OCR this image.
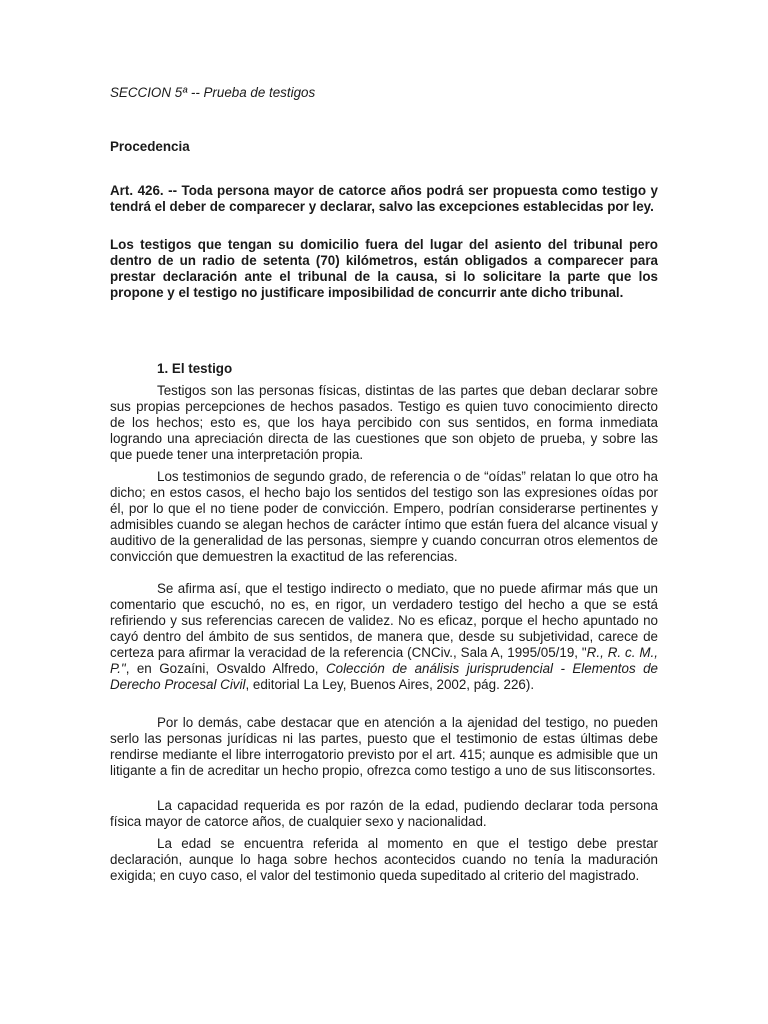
SECCION 5ª -- Prueba de testigos

Procedencia

Art. 426. -- Toda persona mayor de catorce años podrá ser propuesta como testigo y tendrá el deber de comparecer y declarar, salvo las excepciones establecidas por ley.

Los testigos que tengan su domicilio fuera del lugar del asiento del tribunal pero dentro de un radio de setenta (70) kilómetros, están obligados a comparecer para prestar declaración ante el tribunal de la causa, si lo solicitare la parte que los propone y el testigo no justificare imposibilidad de concurrir ante dicho tribunal.

1. El testigo

Testigos son las personas físicas, distintas de las partes que deban declarar sobre sus propias percepciones de hechos pasados. Testigo es quien tuvo conocimiento directo de los hechos; esto es, que los haya percibido con sus sentidos, en forma inmediata logrando una apreciación directa de las cuestiones que son objeto de prueba, y sobre las que puede tener una interpretación propia.

Los testimonios de segundo grado, de referencia o de “oídas” relatan lo que otro ha dicho; en estos casos, el hecho bajo los sentidos del testigo son las expresiones oídas por él, por lo que el no tiene poder de convicción. Empero, podrían considerarse pertinentes y admisibles cuando se alegan hechos de carácter íntimo que están fuera del alcance visual y auditivo de la generalidad de las personas, siempre y cuando concurran otros elementos de convicción que demuestren la exactitud de las referencias.

Se afirma así, que el testigo indirecto o mediato, que no puede afirmar más que un comentario que escuchó, no es, en rigor, un verdadero testigo del hecho a que se está refiriendo y sus referencias carecen de validez. No es eficaz, porque el hecho apuntado no cayó dentro del ámbito de sus sentidos, de manera que, desde su subjetividad, carece de certeza para afirmar la veracidad de la referencia (CNCiv., Sala A, 1995/05/19, "R., R. c. M., P.", en Gozaíni, Osvaldo Alfredo, Colección de análisis jurisprudencial - Elementos de Derecho Procesal Civil, editorial La Ley, Buenos Aires, 2002, pág. 226).

Por lo demás, cabe destacar que en atención a la ajenidad del testigo, no pueden serlo las personas jurídicas ni las partes, puesto que el testimonio de estas últimas debe rendirse mediante el libre interrogatorio previsto por el art. 415; aunque es admisible que un litigante a fin de acreditar un hecho propio, ofrezca como testigo a uno de sus litisconsortes.

La capacidad requerida es por razón de la edad, pudiendo declarar toda persona física mayor de catorce años, de cualquier sexo y nacionalidad.

La edad se encuentra referida al momento en que el testigo debe prestar declaración, aunque lo haga sobre hechos acontecidos cuando no tenía la maduración exigida; en cuyo caso, el valor del testimonio queda supeditado al criterio del magistrado.
